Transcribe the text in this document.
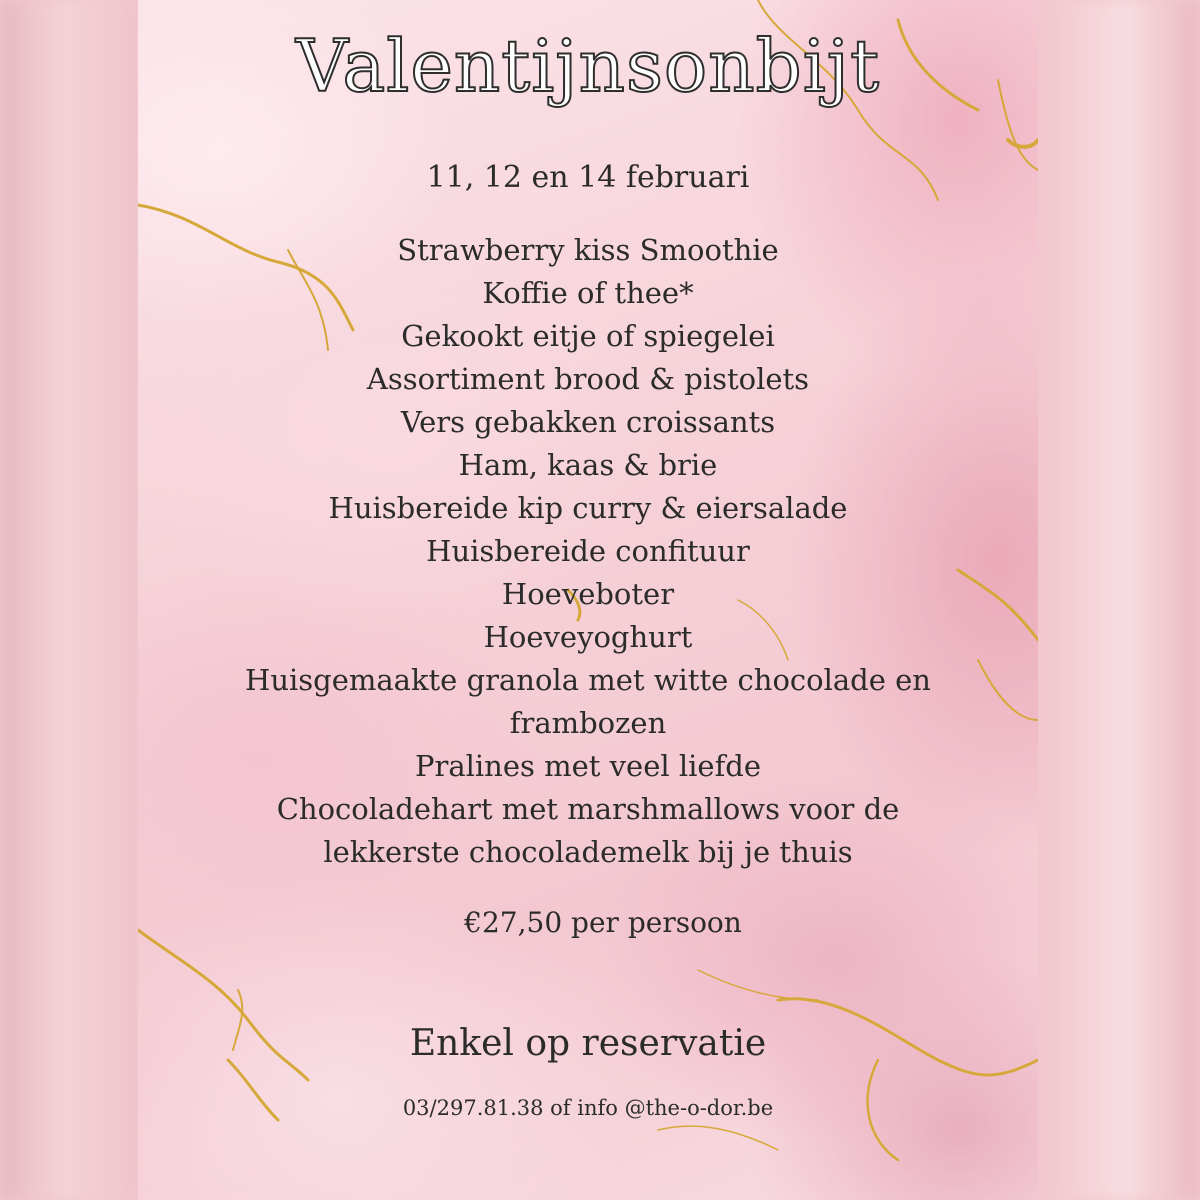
Valentijnsonbijt
11, 12 en 14 februari
Strawberry kiss Smoothie
Koffie of thee*
Gekookt eitje of spiegelei
Assortiment brood & pistolets
Vers gebakken croissants
Ham, kaas & brie
Huisbereide kip curry & eiersalade
Huisbereide confituur
Hoeveboter
Hoeveyoghurt
Huisgemaakte granola met witte chocolade en frambozen
Pralines met veel liefde
Chocoladehart met marshmallows voor de lekkerste chocolademelk bij je thuis
€27,50 per persoon
Enkel op reservatie
03/297.81.38 of info @the-o-dor.be
